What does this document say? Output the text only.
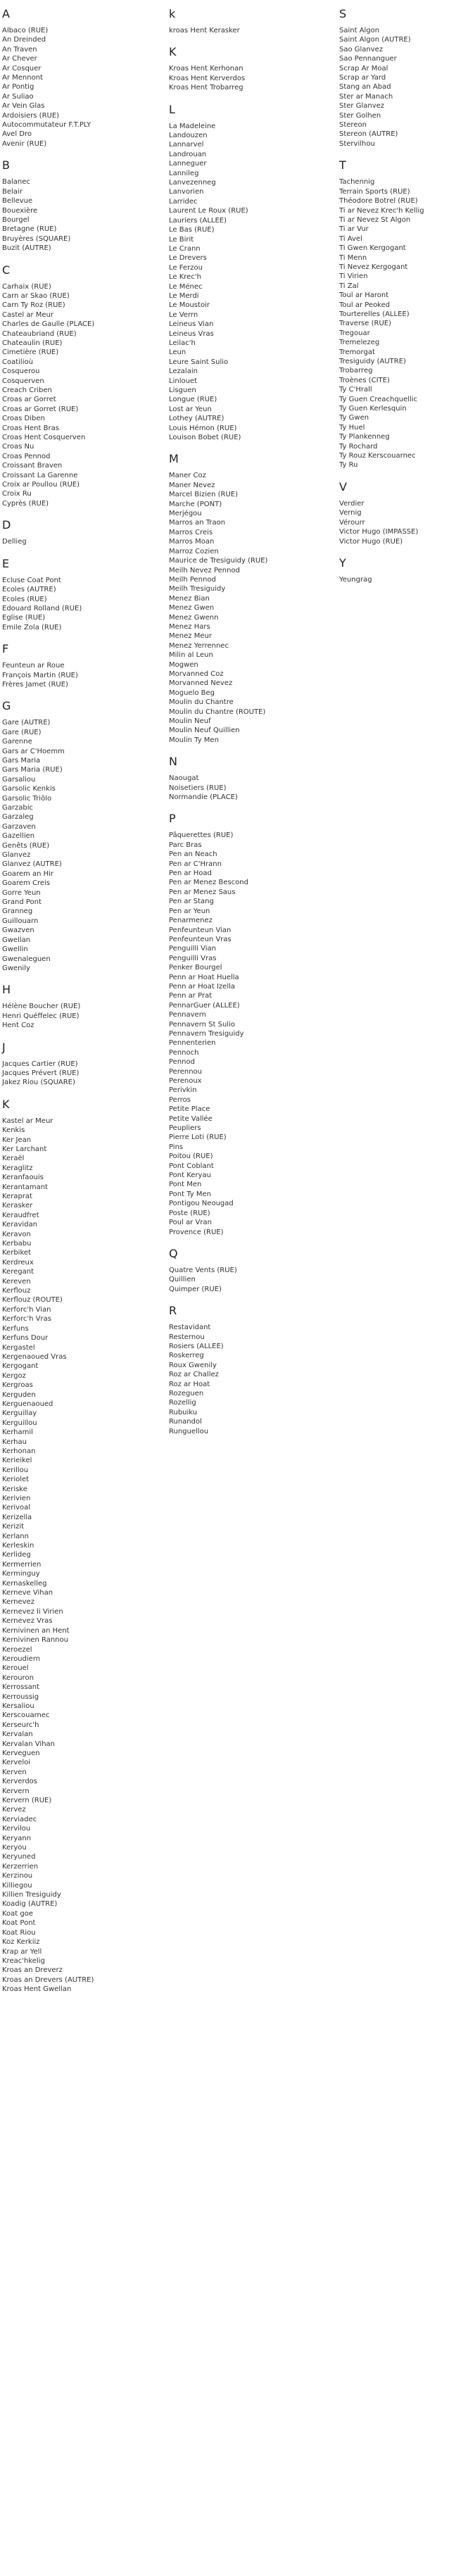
A
Albaco (RUE)
An Dreinded
An Traven
Ar Chever
Ar Cosquer
Ar Mennont
Ar Pontig
Ar Suliao
Ar Vein Glas
Ardoisiers (RUE)
Autocommutateur F.T.PLY
Avel Dro
Avenir (RUE)
B
Balanec
Belair
Bellevue
Bouexière
Bourgel
Bretagne (RUE)
Bruyères (SQUARE)
Buzit (AUTRE)
C
Carhaix (RUE)
Carn ar Skao (RUE)
Carn Ty Roz (RUE)
Castel ar Meur
Charles de Gaulle (PLACE)
Chateaubriand (RUE)
Chateaulin (RUE)
Cimetière (RUE)
Coatilioù
Cosquerou
Cosquerven
Creach Criben
Croas ar Gorret
Croas ar Gorret (RUE)
Croas Diben
Croas Hent Bras
Croas Hent Cosquerven
Croas Nu
Croas Pennod
Croissant Braven
Croissant La Garenne
Croix ar Poullou (RUE)
Croix Ru
Cyprès (RUE)
D
Dellieg
E
Ecluse Coat Pont
Ecoles (AUTRE)
Ecoles (RUE)
Edouard Rolland (RUE)
Eglise (RUE)
Emile Zola (RUE)
F
Feunteun ar Roue
François Martin (RUE)
Frères Jamet (RUE)
G
Gare (AUTRE)
Gare (RUE)
Garenne
Gars ar C'Hoemm
Gars Maria
Gars Maria (RUE)
Garsaliou
Garsolic Kenkis
Garsolic Triôlo
Garzabic
Garzaleg
Garzaven
Gazellien
Genêts (RUE)
Glanvez
Glanvez (AUTRE)
Goarem an Hir
Goarem Creis
Gorre Yeun
Grand Pont
Granneg
Guillouarn
Gwazven
Gwellan
Gwellin
Gwenaleguen
Gwenily
H
Hélène Boucher (RUE)
Henri Quéffelec (RUE)
Hent Coz
J
Jacques Cartier (RUE)
Jacques Prévert (RUE)
Jakez Riou (SQUARE)
K
Kastel ar Meur
Kenkis
Ker Jean
Ker Larchant
Keraël
Keraglitz
Keranfaouis
Kerantamant
Keraprat
Kerasker
Keraudfret
Keravidan
Keravon
Kerbabu
Kerbiket
Kerdreux
Keregant
Kereven
Kerflouz
Kerflouz (ROUTE)
Kerforc'h Vian
Kerforc'h Vras
Kerfuns
Kerfuns Dour
Kergastel
Kergenaoued Vras
Kergogant
Kergoz
Kergroas
Kerguden
Kerguenaoued
Kerguillay
Kerguillou
Kerhamil
Kerhau
Kerhonan
Kerieikel
Kerillou
Keriolet
Keriske
Kerivien
Kerivoal
Kerizella
Kerizit
Kerlann
Kerleskin
Kerlideg
Kermerrien
Kerminguy
Kernaskelleg
Kerneve Vihan
Kernevez
Kernevez li Virien
Kernevez Vras
Kernivinen an Hent
Kernivinen Rannou
Keroezel
Keroudiern
Kerouel
Kerouron
Kerrossant
Kerroussig
Kersaliou
Kerscouarnec
Kerseurc'h
Kervalan
Kervalan Vihan
Kerveguen
Kerveloi
Kerven
Kerverdos
Kervern
Kervern (RUE)
Kervez
Kerviadec
Kervilou
Keryann
Keryou
Keryuned
Kerzerrien
Kerzinou
Killiegou
Killien Tresiguidy
Koadig (AUTRE)
Koat goe
Koat Pont
Koat Riou
Koz Kerkiiz
Krap ar Yell
Kreac'hkelig
Kroas an Dreverz
Kroas an Drevers (AUTRE)
Kroas Hent Gwellan
k
kroas Hent Kerasker
K
Kroas Hent Kerhonan
Kroas Hent Kerverdos
Kroas Hent Trobarreg
L
La Madeleine
Landouzen
Lannarvel
Landrouan
Lanneguer
Lannileg
Lanvezenneg
Lanvorien
Larridec
Laurent Le Roux (RUE)
Lauriers (ALLEE)
Le Bas (RUE)
Le Birit
Le Crann
Le Drevers
Le Ferzou
Le Krec'h
Le Ménec
Le Merdi
Le Moustoir
Le Verrn
Leineus Vian
Leineus Vras
Leilac'h
Leun
Leure Saint Sulio
Lezalain
Linlouet
Lisguen
Longue (RUE)
Lost ar Yeun
Lothey (AUTRE)
Louis Hémon (RUE)
Louison Bobet (RUE)
M
Maner Coz
Maner Nevez
Marcel Bizien (RUE)
Marche (PONT)
Merjégou
Marros an Traon
Marros Creis
Marros Moan
Marroz Cozien
Maurice de Tresiguidy (RUE)
Meilh Nevez Pennod
Meilh Pennod
Meilh Tresiguidy
Menez Bian
Menez Gwen
Menez Gwenn
Menez Hars
Menez Meur
Menez Yerrennec
Milin al Leun
Mogwen
Morvanned Coz
Morvanned Nevez
Moguelo Beg
Moulin du Chantre
Moulin du Chantre (ROUTE)
Moulin Neuf
Moulin Neuf Quillien
Moulin Ty Men
N
Naougat
Noisetiers (RUE)
Normandie (PLACE)
P
Pâquerettes (RUE)
Parc Bras
Pen an Neach
Pen ar C'Hrann
Pen ar Hoad
Pen ar Menez Bescond
Pen ar Menez Saus
Pen ar Stang
Pen ar Yeun
Penarmenez
Penfeunteun Vian
Penfeunteun Vras
Penguilli Vian
Penguilli Vras
Penker Bourgel
Penn ar Hoat Huella
Penn ar Hoat Izella
Penn ar Prat
PennarGuer (ALLEE)
Pennavern
Pennavern St Sulio
Pennavern Tresiguidy
Pennenterien
Pennoch
Pennod
Perennou
Perenoux
Perivkin
Perros
Petite Place
Petite Vallée
Peupliers
Pierre Loti (RUE)
Pins
Poitou (RUE)
Pont Coblant
Pont Keryau
Pont Men
Pont Ty Men
Pontigou Neougad
Poste (RUE)
Poul ar Vran
Provence (RUE)
Q
Quatre Vents (RUE)
Quillien
Quimper (RUE)
R
Restavidant
Resternou
Rosiers (ALLEE)
Roskerreg
Roux Gwenily
Roz ar Challez
Roz ar Hoat
Rozeguen
Rozellig
Rubuiku
Runandol
Runguellou
S
Saint Algon
Saint Algon (AUTRE)
Sao Glanvez
Sao Pennanguer
Scrap Ar Moal
Scrap ar Yard
Stang an Abad
Ster ar Manach
Ster Glanvez
Ster Golhen
Stereon
Stereon (AUTRE)
Stervilhou
T
Tachennig
Terrain Sports (RUE)
Théodore Botrel (RUE)
Ti ar Nevez Krec'h Kellig
Ti ar Nevez St Algon
Ti ar Vur
Ti Avel
Ti Gwen Kergogant
Ti Menn
Ti Nevez Kergogant
Ti Virien
Ti Zal
Toul ar Haront
Toul ar Peoked
Tourterelles (ALLEE)
Traverse (RUE)
Tregouar
Tremelezeg
Tremorgat
Tresiguidy (AUTRE)
Trobarreg
Troènes (CITE)
Ty C'Hrall
Ty Guen Creachquellic
Ty Guen Kerlesquin
Ty Gwen
Ty Huel
Ty Plankenneg
Ty Rochard
Ty Rouz Kerscouarnec
Ty Ru
V
Verdier
Vernig
Vérourr
Victor Hugo (IMPASSE)
Victor Hugo (RUE)
Y
Yeungrag
